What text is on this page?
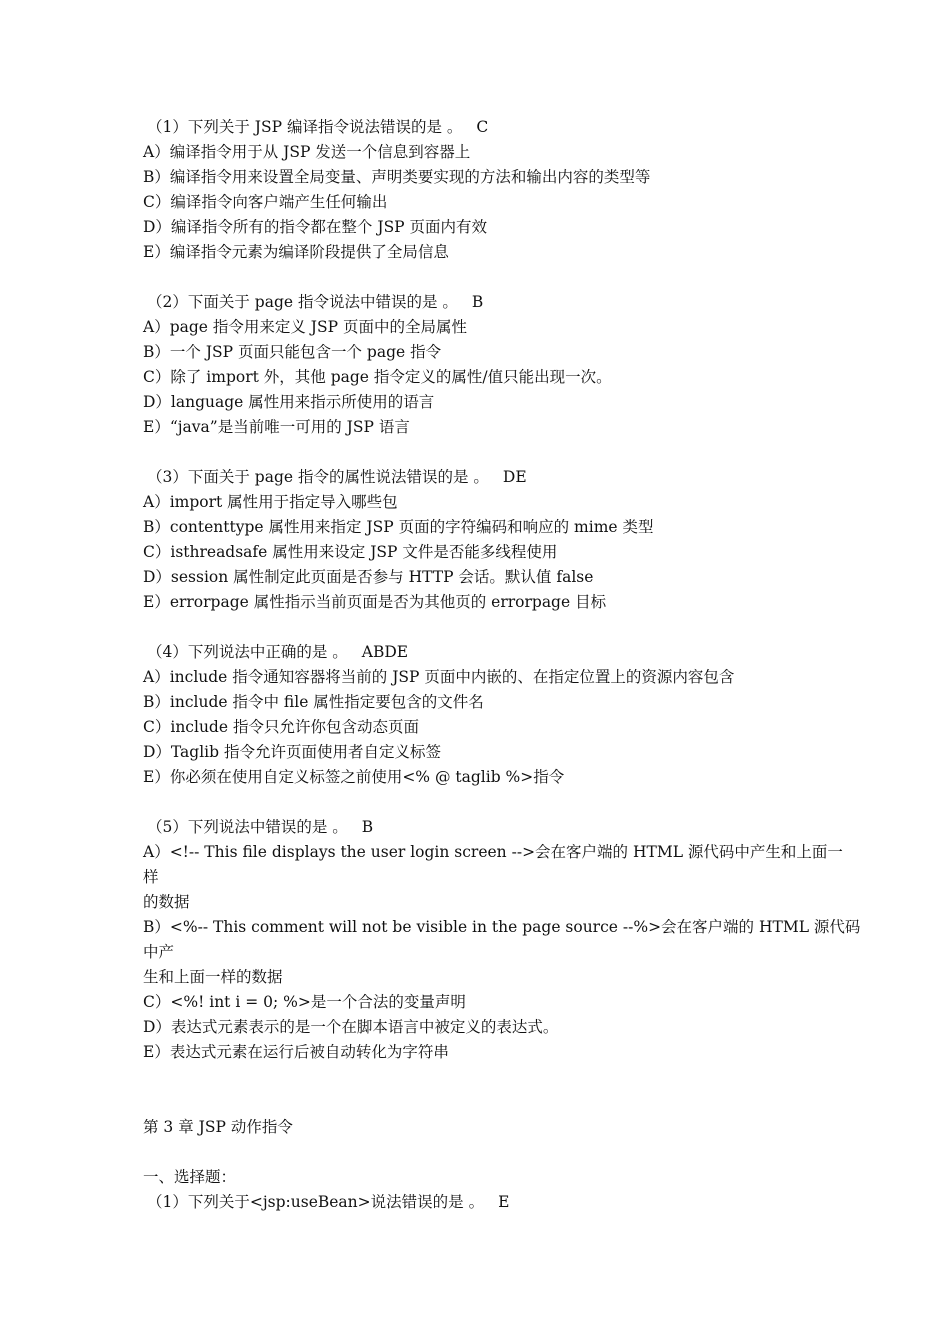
（1）下列关于 JSP 编译指令说法错误的是 。 C
A）编译指令用于从 JSP 发送一个信息到容器上
B）编译指令用来设置全局变量、声明类要实现的方法和输出内容的类型等
C）编译指令向客户端产生任何输出
D）编译指令所有的指令都在整个 JSP 页面内有效
E）编译指令元素为编译阶段提供了全局信息
（2）下面关于 page 指令说法中错误的是 。 B
A）page 指令用来定义 JSP 页面中的全局属性
B）一个 JSP 页面只能包含一个 page 指令
C）除了 import 外，其他 page 指令定义的属性/值只能出现一次。
D）language 属性用来指示所使用的语言
E）“java”是当前唯一可用的 JSP 语言
（3）下面关于 page 指令的属性说法错误的是 。 DE
A）import 属性用于指定导入哪些包
B）contenttype 属性用来指定 JSP 页面的字符编码和响应的 mime 类型
C）isthreadsafe 属性用来设定 JSP 文件是否能多线程使用
D）session 属性制定此页面是否参与 HTTP 会话。默认值 false
E）errorpage 属性指示当前页面是否为其他页的 errorpage 目标
（4）下列说法中正确的是 。 ABDE
A）include 指令通知容器将当前的 JSP 页面中内嵌的、在指定位置上的资源内容包含
B）include 指令中 file 属性指定要包含的文件名
C）include 指令只允许你包含动态页面
D）Taglib 指令允许页面使用者自定义标签
E）你必须在使用自定义标签之前使用<% @ taglib %>指令
（5）下列说法中错误的是 。 B
A）<!-- This file displays the user login screen -->会在客户端的 HTML 源代码中产生和上面一
样
的数据
B）<%-- This comment will not be visible in the page source --%>会在客户端的 HTML 源代码
中产
生和上面一样的数据
C）<%! int i = 0; %>是一个合法的变量声明
D）表达式元素表示的是一个在脚本语言中被定义的表达式。
E）表达式元素在运行后被自动转化为字符串
第 3 章 JSP 动作指令
一、选择题：
（1）下列关于<jsp:useBean>说法错误的是 。 E
